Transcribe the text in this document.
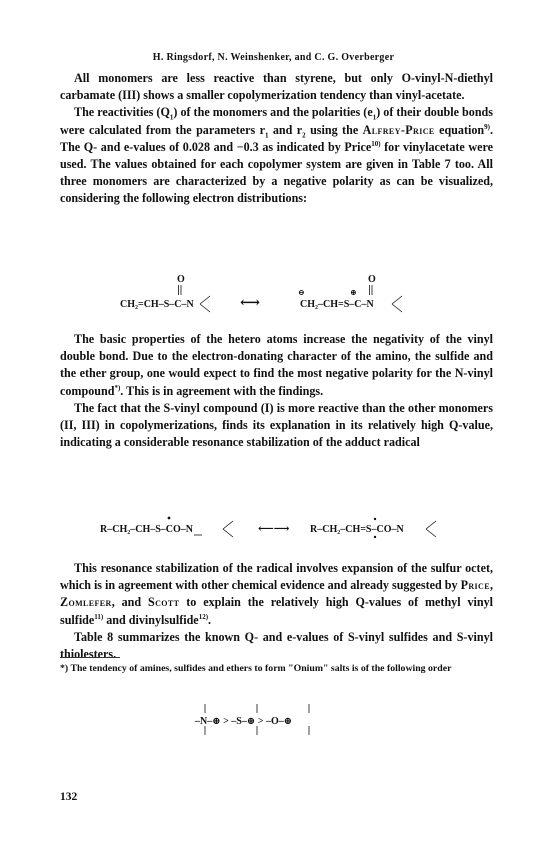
H. Ringsdorf, N. Weinshenker, and C. G. Overberger

All monomers are less reactive than styrene, but only O-vinyl-N-diethyl carbamate (III) shows a smaller copolymerization tendency than vinyl-acetate.

The reactivities $(Q_1)$ of the monomers and the polarities $(e_1)$ of their double bonds were calculated from the parameters $r_1$ and $r_2$ using the Alfrey-Price equation$^{9)}$. The Q- and e-values of 0.028 and −0.3 as indicated by Price$^{10)}$ for vinylacetate were used. The values obtained for each copolymer system are given in Table 7 too. All three monomers are characterized by a negative polarity as can be visualized, considering the following electron distributions:

O
CH₂=CH–S–C–N	⟷
O
⊖	⊕
CH₂–CH=S–C–N

The basic properties of the hetero atoms increase the negativity of the vinyl double bond. Due to the electron-donating character of the amino, the sulfide and the ether group, one would expect to find the most negative polarity for the N-vinyl compound*). This is in agreement with the findings.

The fact that the S-vinyl compound (I) is more reactive than the other monomers (II, III) in copolymerizations, finds its explanation in its relatively high Q-value, indicating a considerable resonance stabilization of the adduct radical

R–CH₂–CH–S–CO–N	⟵⟶ R–CH₂–CH=S–CO–N

This resonance stabilization of the radical involves expansion of the sulfur octet, which is in agreement with other chemical evidence and already suggested by Price, Zomlefer, and Scott to explain the relatively high Q-values of methyl vinyl sulfide$^{11)}$ and divinylsulfide$^{12)}$.

Table 8 summarizes the known Q- and e-values of S-vinyl sulfides and S-vinyl thiolesters.

*) The tendency of amines, sulfides and ethers to form "Onium" salts is of the following order
–N–⊕ > –S–⊕ > –O–⊕
132
